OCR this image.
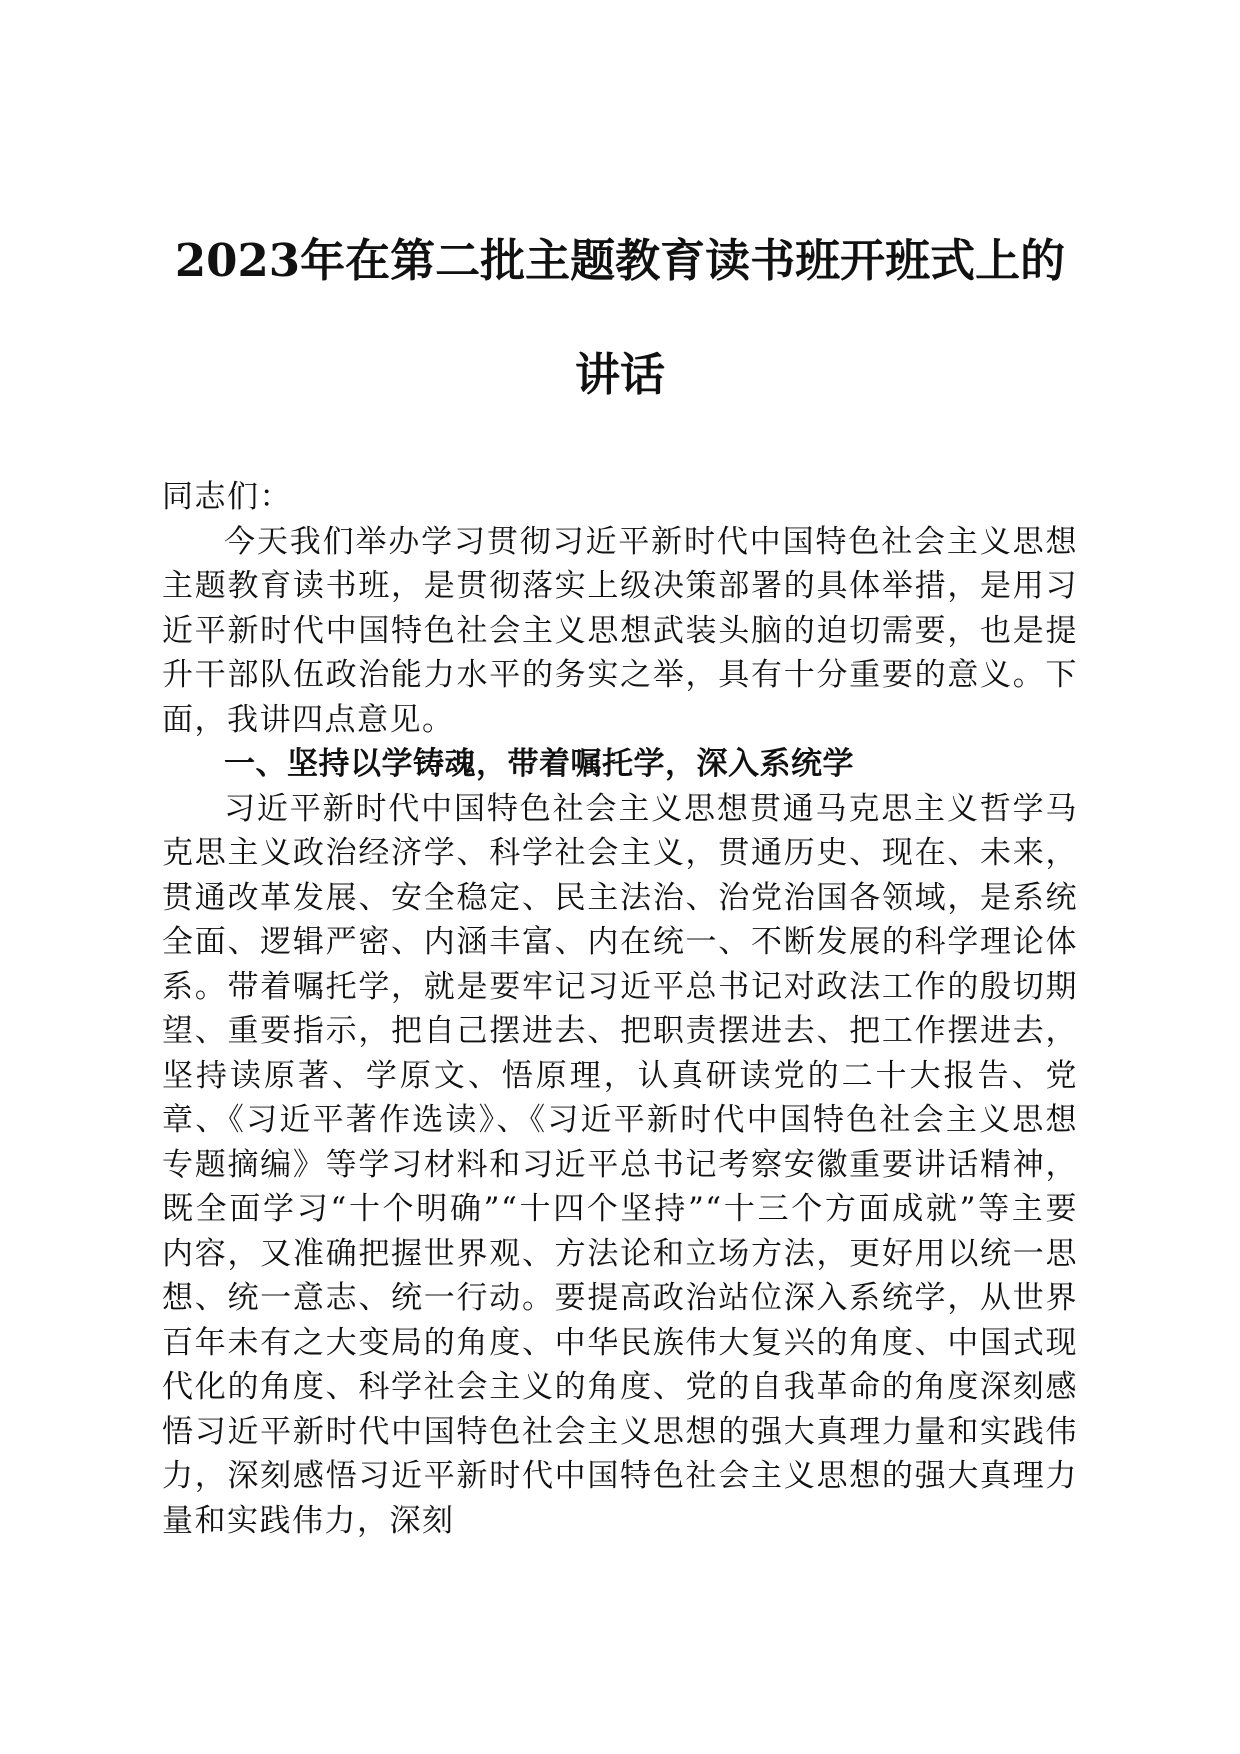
2023年在第二批主题教育读书班开班式上的
讲话

同志们：

今天我们举办学习贯彻习近平新时代中国特色社会主义思想主题教育读书班，是贯彻落实上级决策部署的具体举措，是用习近平新时代中国特色社会主义思想武装头脑的迫切需要，也是提升干部队伍政治能力水平的务实之举，具有十分重要的意义。下面，我讲四点意见。

一、坚持以学铸魂，带着嘱托学，深入系统学

习近平新时代中国特色社会主义思想贯通马克思主义哲学马克思主义政治经济学、科学社会主义，贯通历史、现在、未来，贯通改革发展、安全稳定、民主法治、治党治国各领域，是系统全面、逻辑严密、内涵丰富、内在统一、不断发展的科学理论体系。带着嘱托学，就是要牢记习近平总书记对政法工作的殷切期望、重要指示，把自己摆进去、把职责摆进去、把工作摆进去，坚持读原著、学原文、悟原理，认真研读党的二十大报告、党章、《习近平著作选读》、《习近平新时代中国特色社会主义思想专题摘编》等学习材料和习近平总书记考察安徽重要讲话精神，既全面学习“十个明确”“十四个坚持”“十三个方面成就”等主要内容，又准确把握世界观、方法论和立场方法，更好用以统一思想、统一意志、统一行动。要提高政治站位深入系统学，从世界百年未有之大变局的角度、中华民族伟大复兴的角度、中国式现代化的角度、科学社会主义的角度、党的自我革命的角度深刻感悟习近平新时代中国特色社会主义思想的强大真理力量和实践伟力，深刻感悟习近平新时代中国特色社会主义思想的强大真理力量和实践伟力，深刻
